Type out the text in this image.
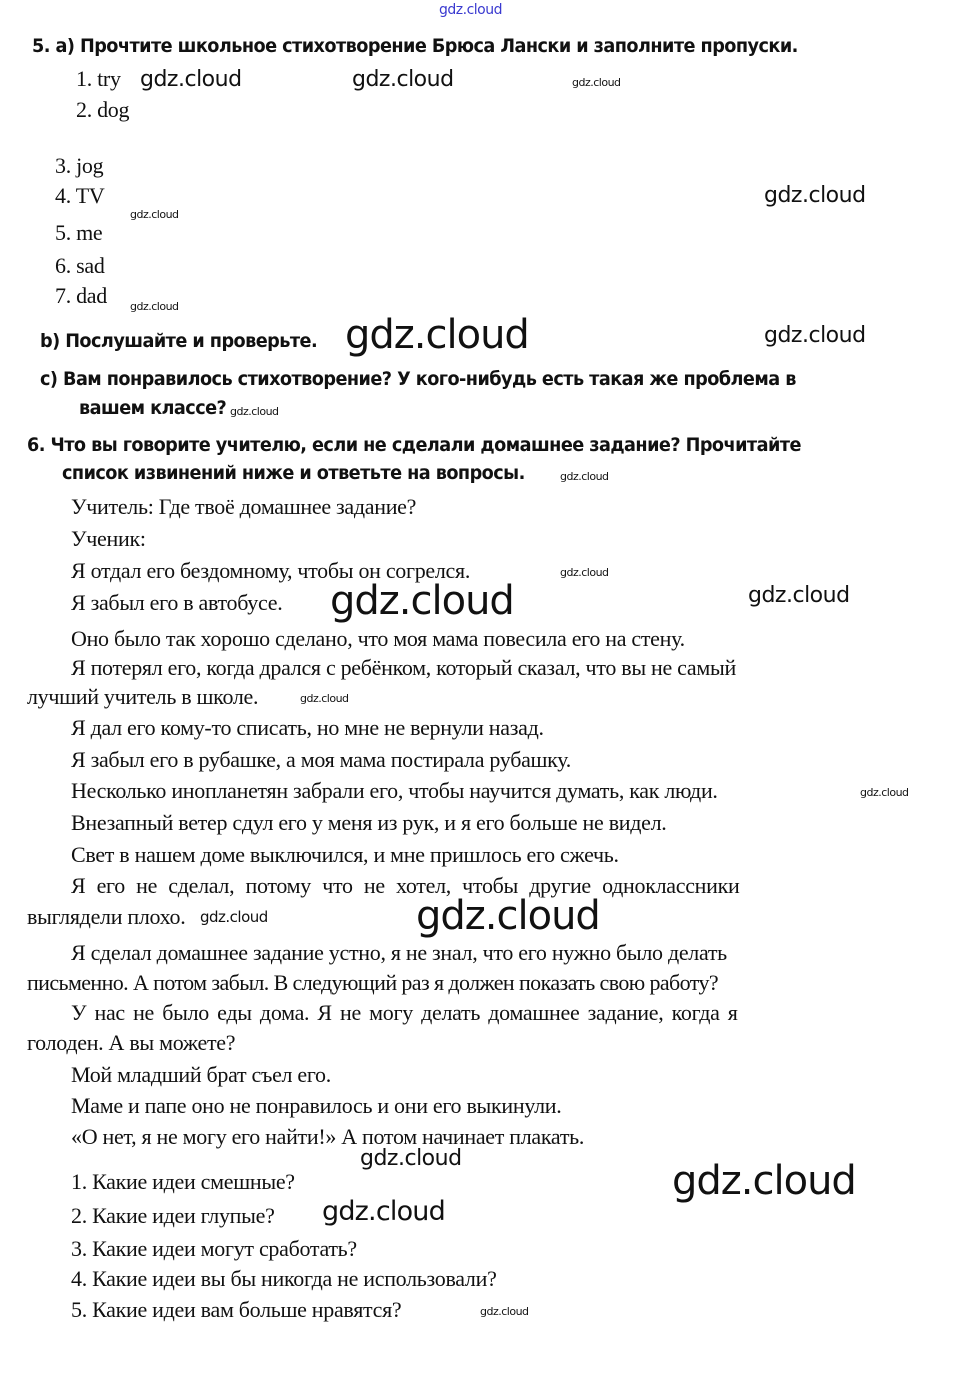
gdz.cloud
5. a) Прочтите школьное стихотворение Брюса Лански и заполните пропуски.
1. try gdz.cloud	gdz.cloud	gdz.cloud
2. dog
3. jog
4. TV	gdz.cloud
gdz.cloud
5. me
6. sad
7. dad gdz.cloud
b) Послушайте и проверьте. gdz.cloud	gdz.cloud
c) Вам понравилось стихотворение? У кого-нибудь есть такая же проблема в
вашем классе? gdz.cloud
6. Что вы говорите учителю, если не сделали домашнее задание? Прочитайте
список извинений ниже и ответьте на вопросы.	gdz.cloud
Учитель: Где твоё домашнее задание?
Ученик:
Я отдал его бездомному, чтобы он согрелся.	gdz.cloud
Я забыл его в автобусе. gdz.cloud	gdz.cloud
Оно было так хорошо сделано, что моя мама повесила его на стену.
Я потерял его, когда дрался с ребёнком, который сказал, что вы не самый
лучший учитель в школе.	gdz.cloud
Я дал его кому-то списать, но мне не вернули назад.
Я забыл его в рубашке, а моя мама постирала рубашку.
Несколько инопланетян забрали его, чтобы научится думать, как люди.	gdz.cloud
Внезапный ветер сдул его у меня из рук, и я его больше не видел.
Свет в нашем доме выключился, и мне пришлось его сжечь.
Я его не сделал, потому что не хотел, чтобы другие одноклассники
выглядели плохо.	gdz.cloud
gdz.cloud
Я сделал домашнее задание устно, я не знал, что его нужно было делать
письменно. А потом забыл. В следующий раз я должен показать свою работу?
У нас не было еды дома. Я не могу делать домашнее задание, когда я
голоден. А вы можете?
Мой младший брат съел его.
Маме и папе оно не понравилось и они его выкинули.
«О нет, я не могу его найти!» А потом начинает плакать.
gdz.cloud	gdz.cloud
1. Какие идеи смешные?
2. Какие идеи глупые? gdz.cloud
3. Какие идеи могут сработать?
4. Какие идеи вы бы никогда не использовали?
gdz.cloud
5. Какие идеи вам больше нравятся?
